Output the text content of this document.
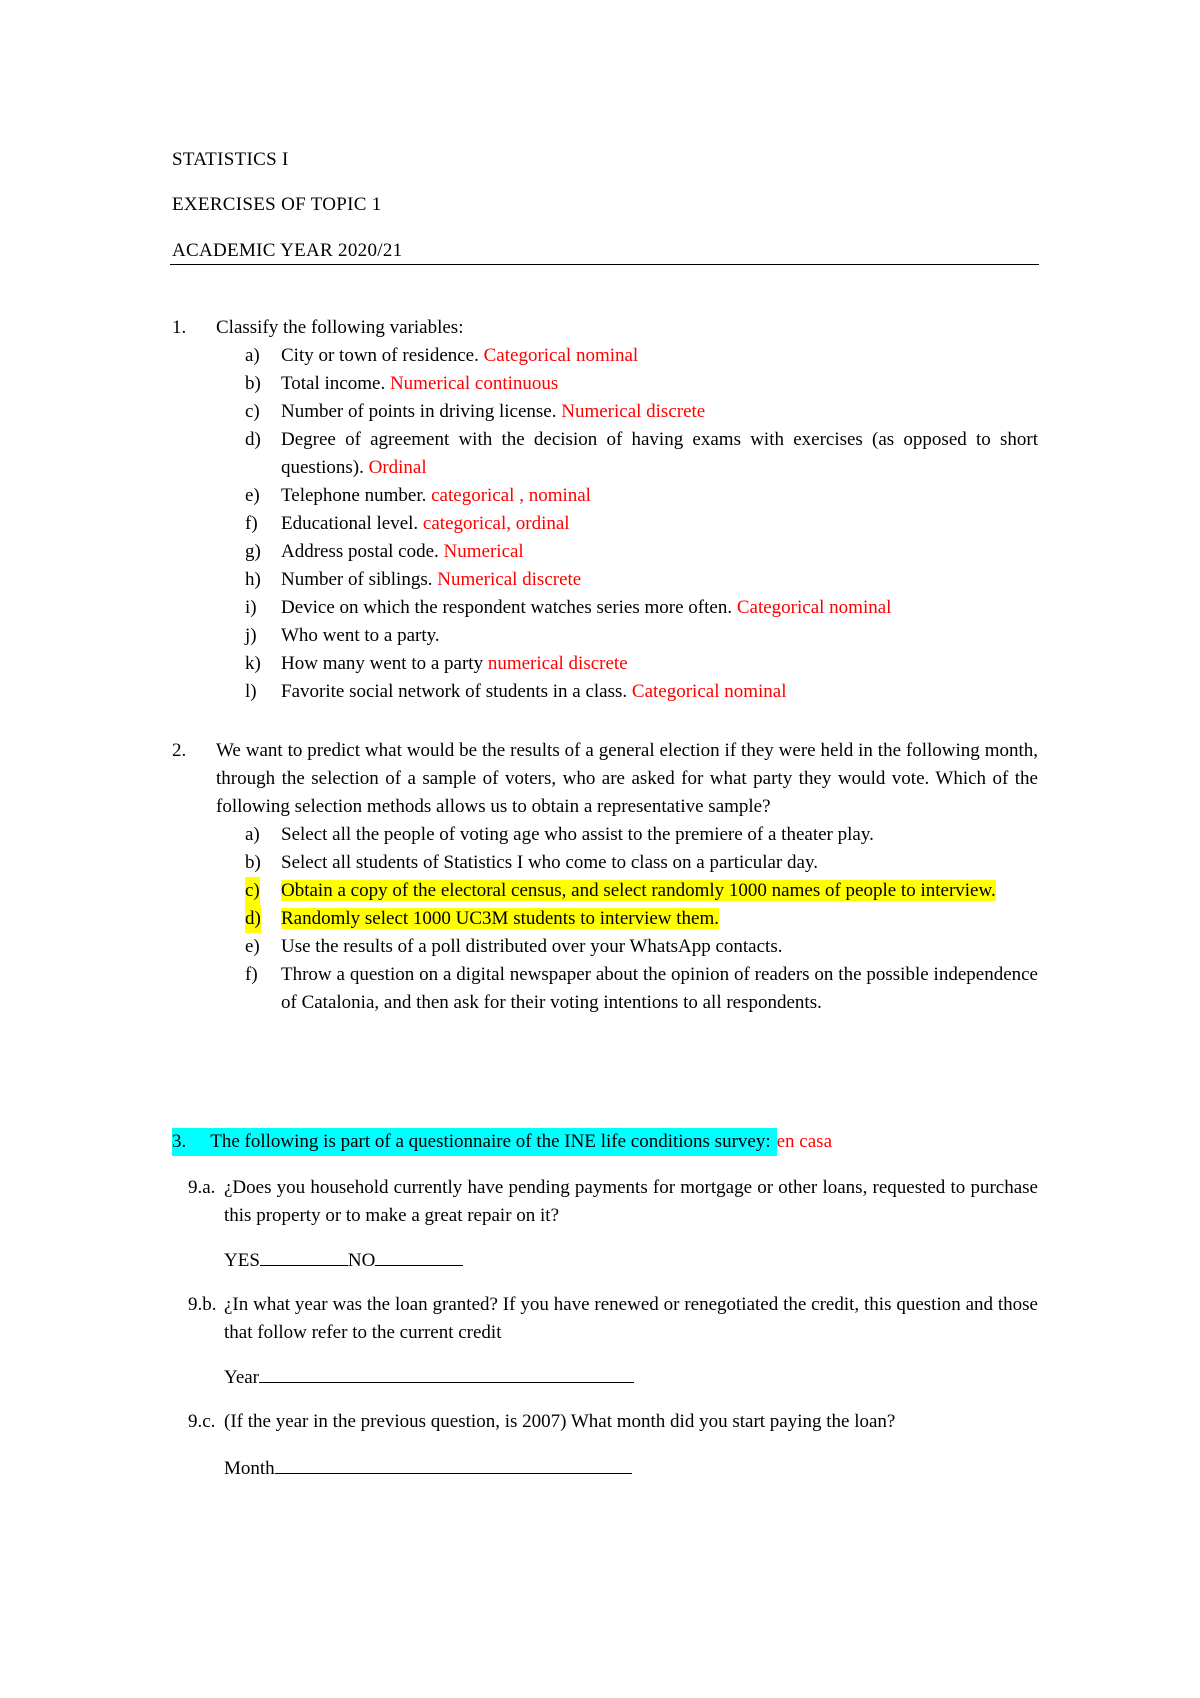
STATISTICS I
EXERCISES OF TOPIC 1
ACADEMIC YEAR 2020/21
1. Classify the following variables:
a) City or town of residence. Categorical nominal
b) Total income. Numerical continuous
c) Number of points in driving license. Numerical discrete
d) Degree of agreement with the decision of having exams with exercises (as opposed to short questions). Ordinal
e) Telephone number. categorical , nominal
f) Educational level. categorical, ordinal
g) Address postal code. Numerical
h) Number of siblings. Numerical discrete
i) Device on which the respondent watches series more often. Categorical nominal
j) Who went to a party.
k) How many went to a party numerical discrete
l) Favorite social network of students in a class. Categorical nominal
2. We want to predict what would be the results of a general election if they were held in the following month, through the selection of a sample of voters, who are asked for what party they would vote. Which of the following selection methods allows us to obtain a representative sample?
a) Select all the people of voting age who assist to the premiere of a theater play.
b) Select all students of Statistics I who come to class on a particular day.
c) Obtain a copy of the electoral census, and select randomly 1000 names of people to interview.
d) Randomly select 1000 UC3M students to interview them.
e) Use the results of a poll distributed over your WhatsApp contacts.
f) Throw a question on a digital newspaper about the opinion of readers on the possible independence of Catalonia, and then ask for their voting intentions to all respondents.
3. The following is part of a questionnaire of the INE life conditions survey:en casa
9.a. ¿Does you household currently have pending payments for mortgage or other loans, requested to purchase this property or to make a great repair on it?
YES	NO
9.b. ¿In what year was the loan granted? If you have renewed or renegotiated the credit, this question and those that follow refer to the current credit
Year
9.c. (If the year in the previous question, is 2007) What month did you start paying the loan?
Month
